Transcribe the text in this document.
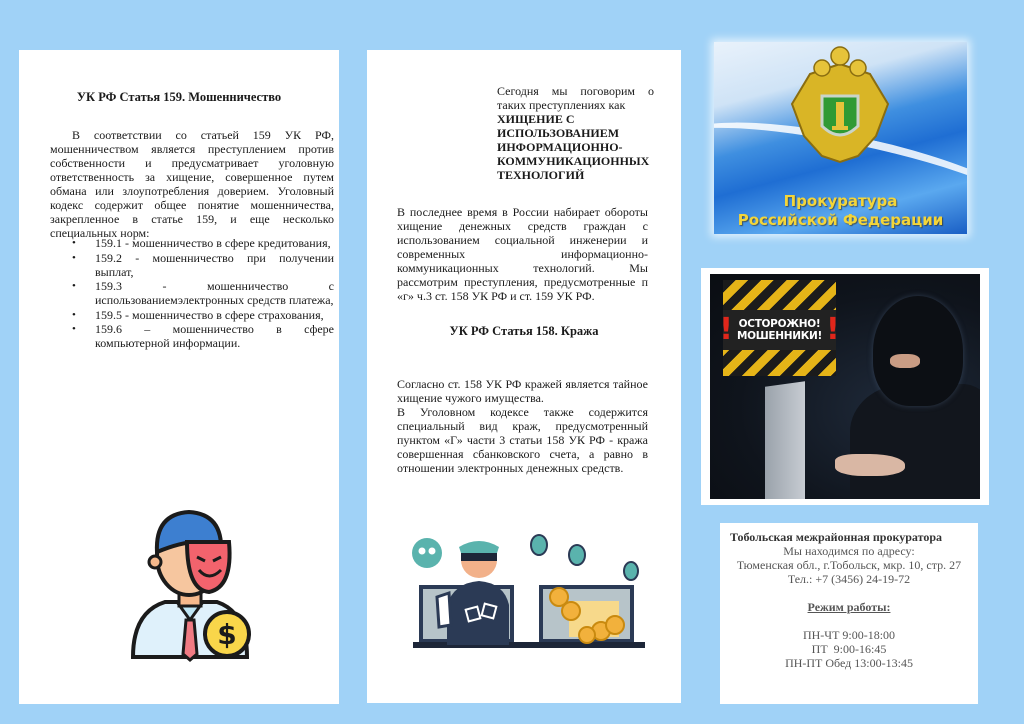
УК РФ Статья 159. Мошенничество
В соответствии со статьей 159 УК РФ, мошенничеством является преступлением против собственности и предусматривает уголовную ответственность за хищение, совершенное путем обмана или злоупотребления доверием. Уголовный кодекс содержит общее понятие мошенничества, закрепленное в статье 159, и еще несколько специальных норм:
• 159.1 - мошенничество в сфере кредитования,
• 159.2 - мошенничество при получении выплат,
• 159.3 - мошенничество с использованиемэлектронных средств платежа,
• 159.5 - мошенничество в сфере страхования,
• 159.6 – мошенничество в сфере компьютерной информации.
$
Сегодня мы поговорим о таких преступлениях как
ХИЩЕНИЕ С ИСПОЛЬЗОВАНИЕМ ИНФОРМАЦИОННО-КОММУНИКАЦИОННЫХ ТЕХНОЛОГИЙ
В последнее время в России набирает обороты хищение денежных средств граждан с использованием социальной инженерии и современных информационно-коммуникационных технологий. Мы рассмотрим преступления, предусмотренные п «г» ч.3 ст. 158 УК РФ и ст. 159 УК РФ.
УК РФ Статья 158. Кража
Согласно ст. 158 УК РФ кражей является тайное хищение чужого имущества.
В Уголовном кодексе также содержится специальный вид краж, предусмотренный пунктом «Г» части 3 статьи 158 УК РФ - кража совершенная сбанковского счета, а равно в отношении электронных денежных средств.
Прокуратура
Российской Федерации
! ОСТОРОЖНО!
МОШЕННИКИ! !
Тобольская межрайонная прокуратора
Мы находимся по адресу:
Тюменская обл., г.Тобольск, мкр. 10, стр. 27
Тел.: +7 (3456) 24-19-72
Режим работы:
ПН-ЧТ 9:00-18:00
ПТ  9:00-16:45
ПН-ПТ Обед 13:00-13:45
